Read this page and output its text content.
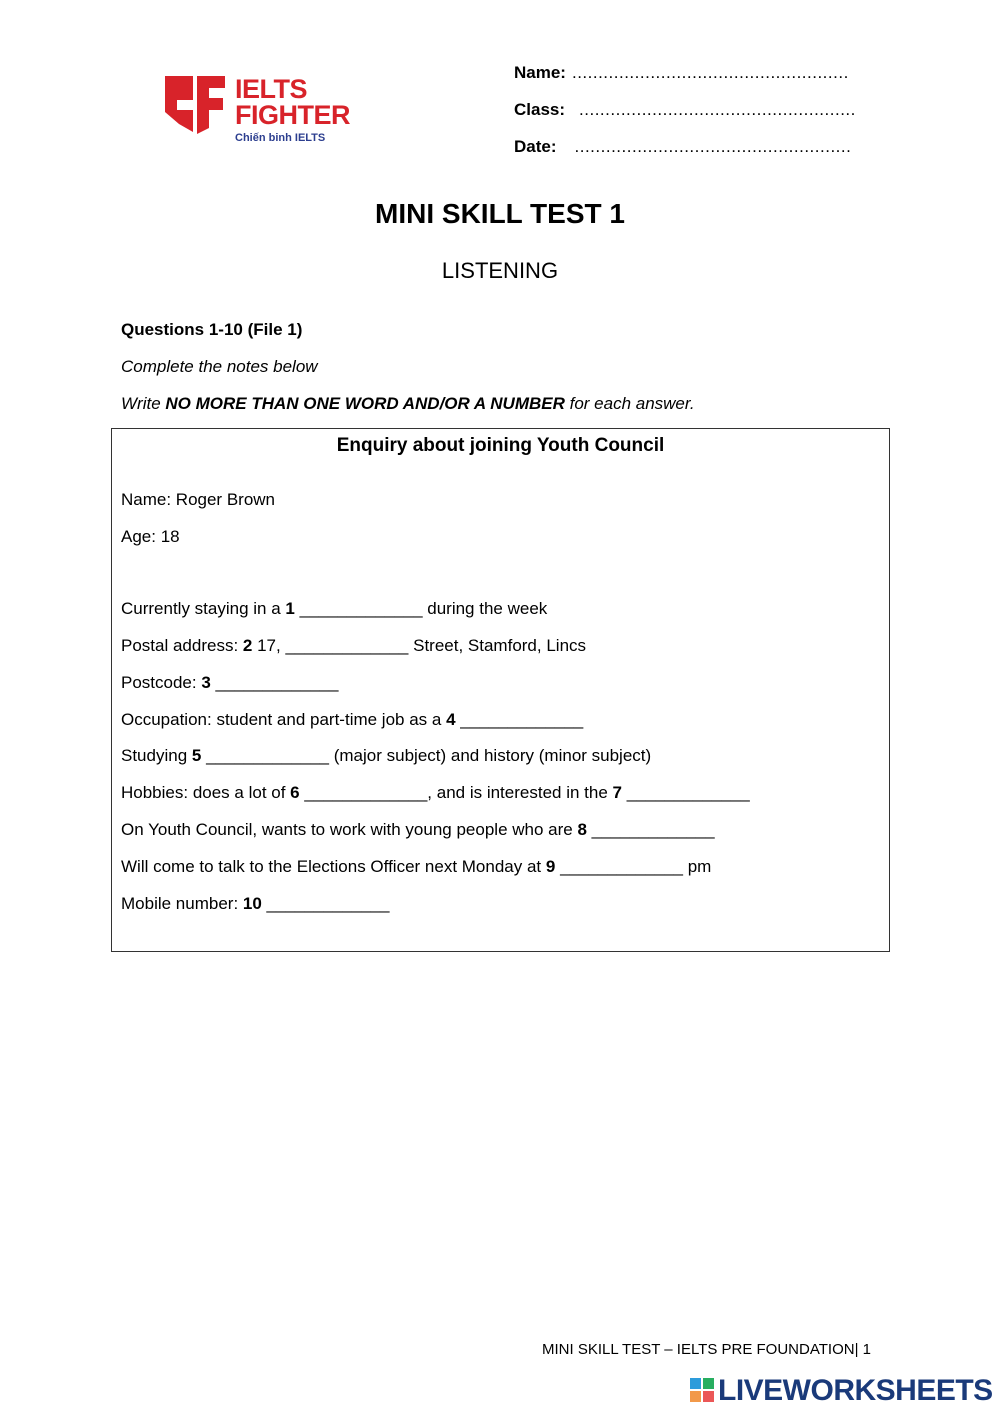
IELTS
FIGHTER
Chiến binh IELTS
Name: .....................................................
Class: .....................................................
Date: .....................................................
MINI SKILL TEST 1
LISTENING
Questions 1-10 (File 1)
Complete the notes below
Write NO MORE THAN ONE WORD AND/OR A NUMBER for each answer.
Enquiry about joining Youth Council
Name: Roger Brown
Age: 18
Currently staying in a 1 _____________ during the week
Postal address: 2 17, _____________ Street, Stamford, Lincs
Postcode: 3 _____________
Occupation: student and part-time job as a 4 _____________
Studying 5 _____________ (major subject) and history (minor subject)
Hobbies: does a lot of 6 _____________, and is interested in the 7 _____________
On Youth Council, wants to work with young people who are 8 _____________
Will come to talk to the Elections Officer next Monday at 9 _____________ pm
Mobile number: 10 _____________
MINI SKILL TEST – IELTS PRE FOUNDATION| 1
LIVEWORKSHEETS
